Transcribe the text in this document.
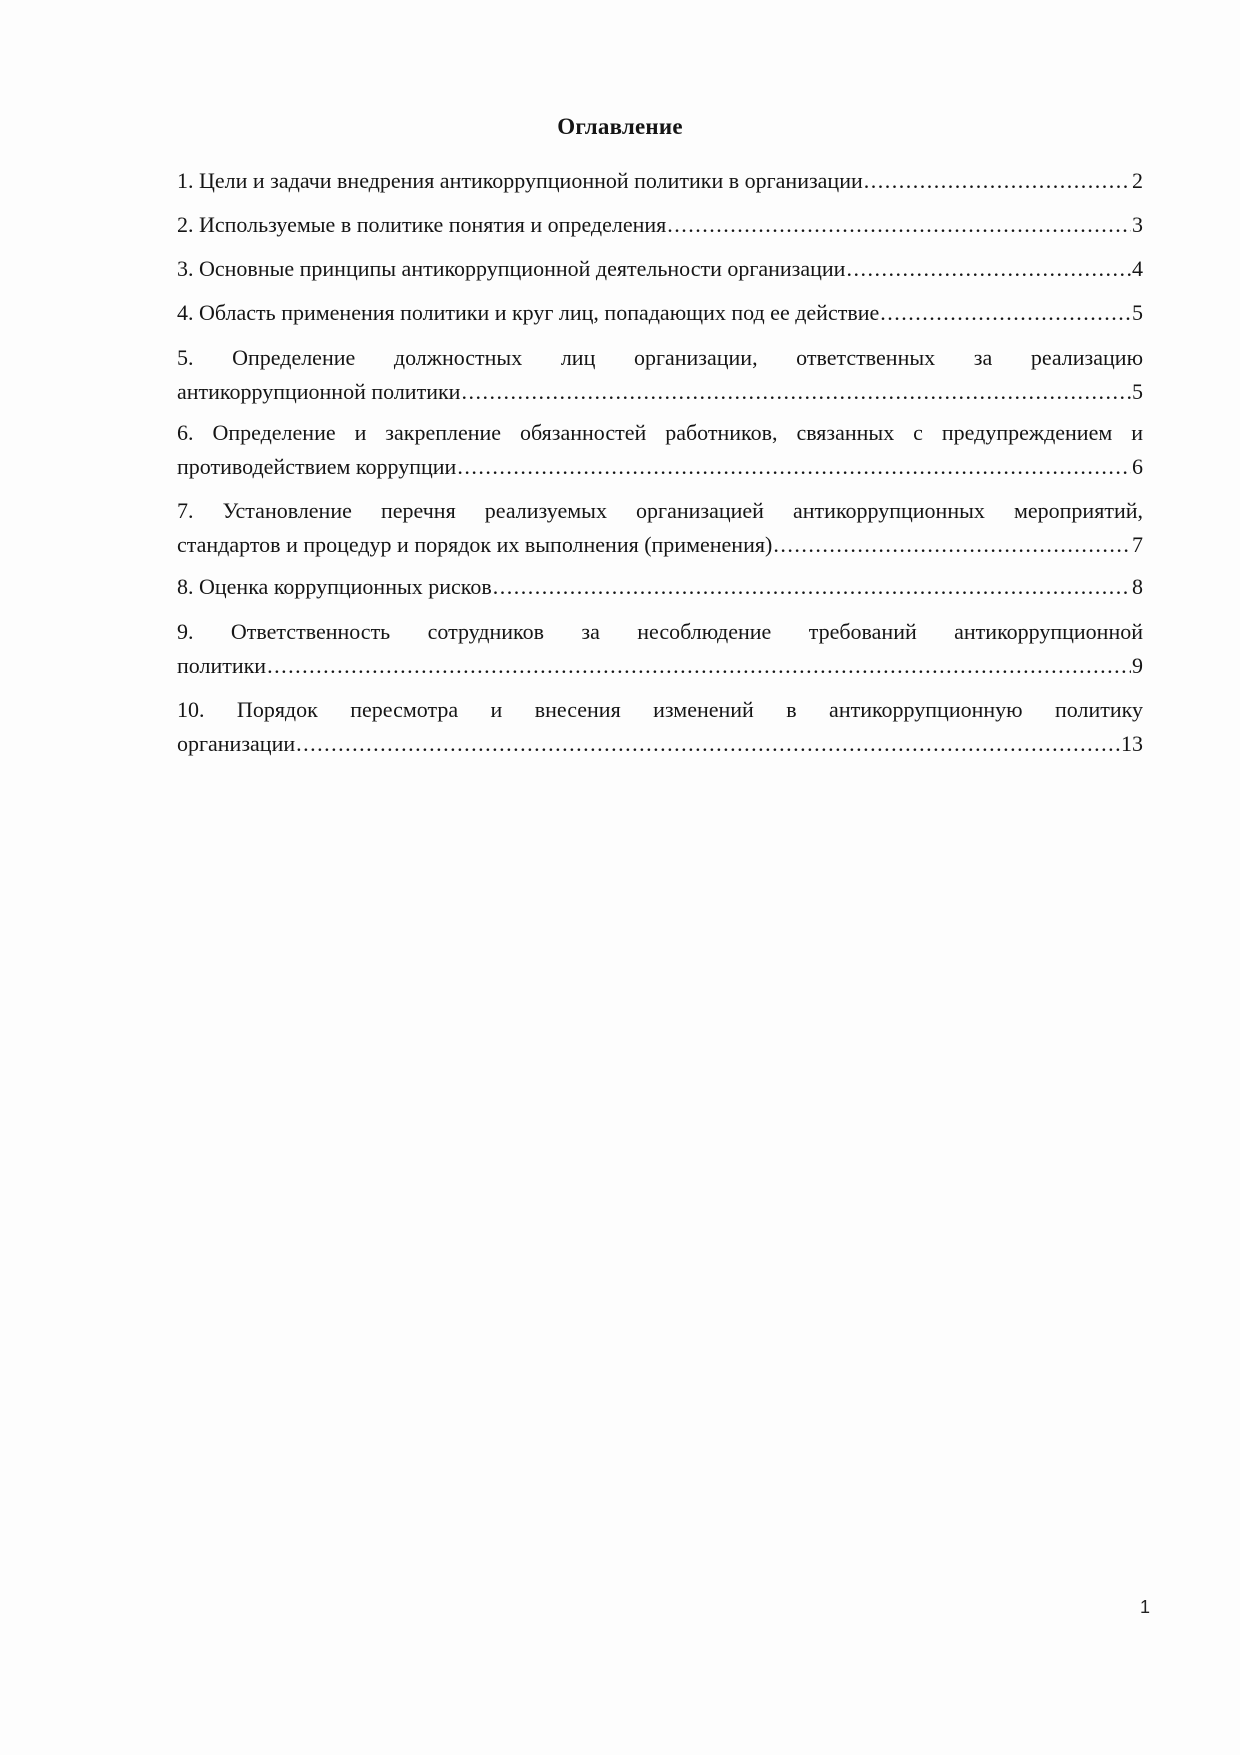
Оглавление
1. Цели и задачи внедрения антикоррупционной политики в организации .....	2
2. Используемые в политике понятия и определения .....	3
3. Основные принципы антикоррупционной деятельности организации .....	4
4. Область применения политики и круг лиц, попадающих под ее действие .....	5
5. Определение должностных лиц организации, ответственных за реализацию
антикоррупционной политики .....	5
6. Определение и закрепление обязанностей работников, связанных с предупреждением и
противодействием коррупции .....	6
7. Установление перечня реализуемых организацией антикоррупционных мероприятий,
стандартов и процедур и порядок их выполнения (применения) .....	7
8. Оценка коррупционных рисков .....	8
9. Ответственность сотрудников за несоблюдение требований антикоррупционной
политики .....	9
10. Порядок пересмотра и внесения изменений в антикоррупционную политику
организации .....	13
1
